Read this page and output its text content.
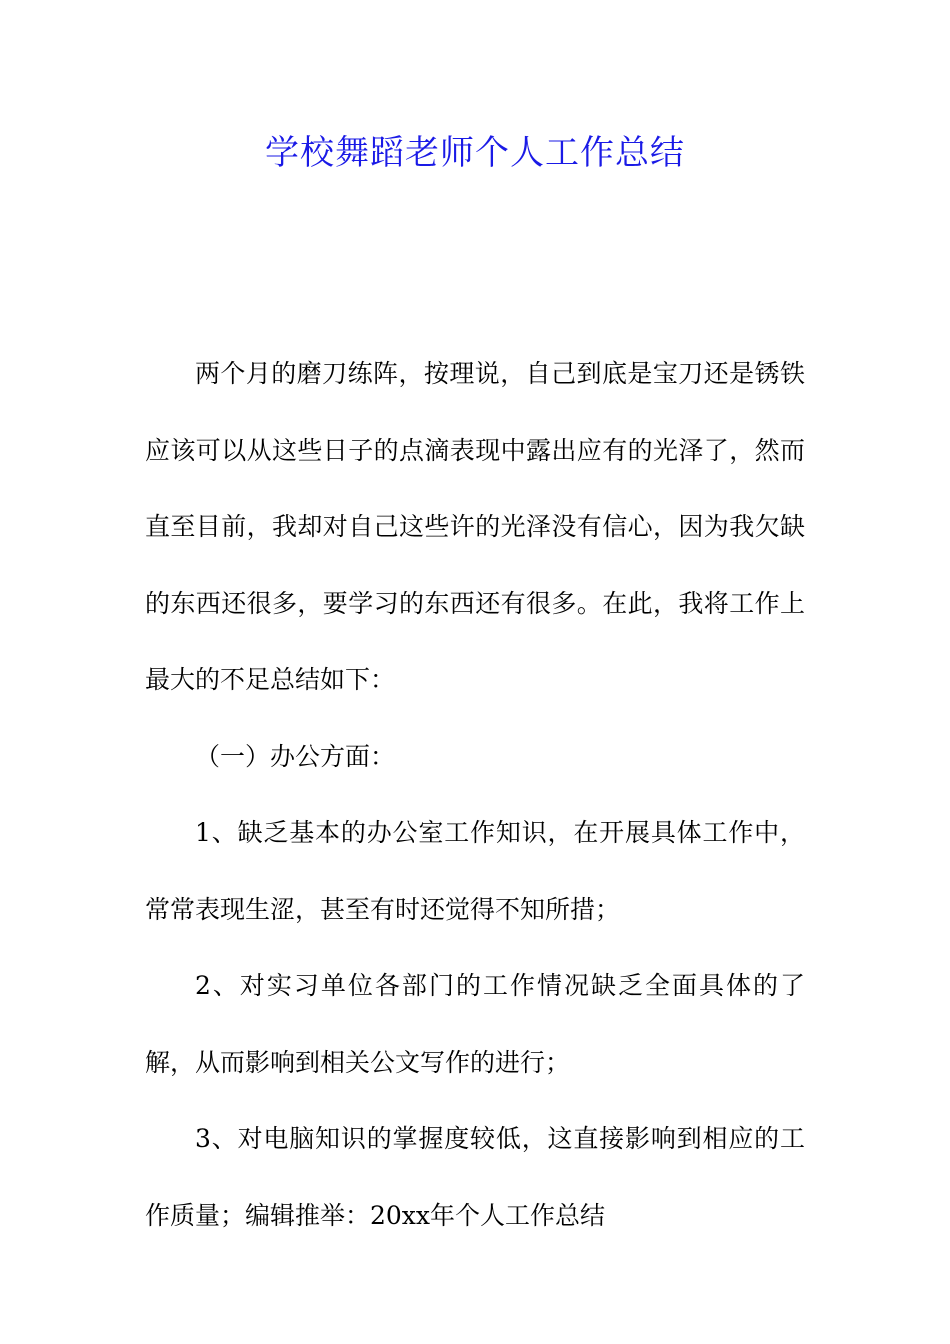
学校舞蹈老师个人工作总结

两个月的磨刀练阵，按理说，自己到底是宝刀还是锈铁应该可以从这些日子的点滴表现中露出应有的光泽了，然而直至目前，我却对自己这些许的光泽没有信心，因为我欠缺的东西还很多，要学习的东西还有很多。在此，我将工作上最大的不足总结如下：

（一）办公方面：

1、缺乏基本的办公室工作知识，在开展具体工作中，常常表现生涩，甚至有时还觉得不知所措；

2、对实习单位各部门的工作情况缺乏全面具体的了解，从而影响到相关公文写作的进行；

3、对电脑知识的掌握度较低，这直接影响到相应的工作质量；编辑推举：20xx年个人工作总结
